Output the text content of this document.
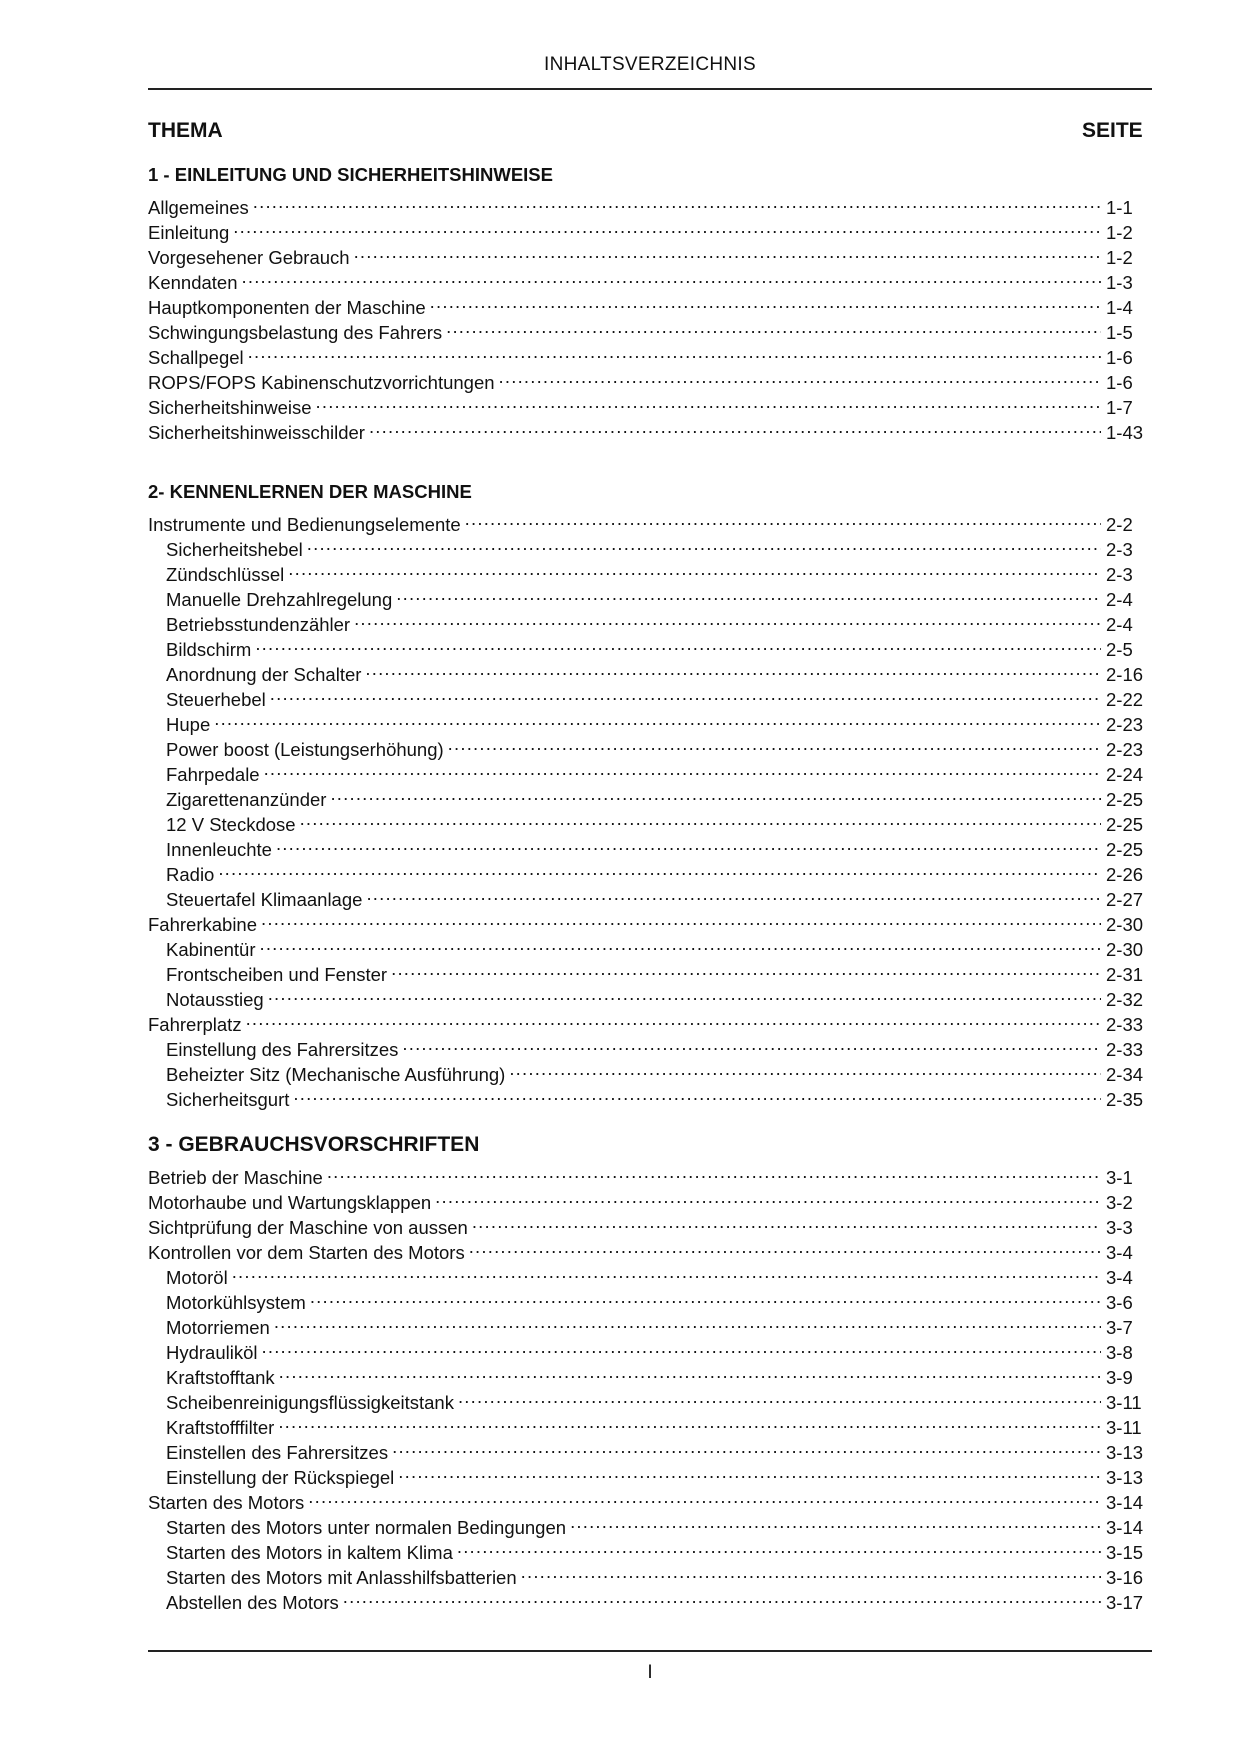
INHALTSVERZEICHNIS
THEMA	SEITE
1 - EINLEITUNG UND SICHERHEITSHINWEISE
Allgemeines .....	1-1
Einleitung .....	1-2
Vorgesehener Gebrauch .....	1-2
Kenndaten .....	1-3
Hauptkomponenten der Maschine .....	1-4
Schwingungsbelastung des Fahrers .....	1-5
Schallpegel .....	1-6
ROPS/FOPS Kabinenschutzvorrichtungen .....	1-6
Sicherheitshinweise .....	1-7
Sicherheitshinweisschilder .....	1-43
2- KENNENLERNEN DER MASCHINE
Instrumente und Bedienungselemente .....	2-2
Sicherheitshebel .....	2-3
Zündschlüssel .....	2-3
Manuelle Drehzahlregelung .....	2-4
Betriebsstundenzähler .....	2-4
Bildschirm .....	2-5
Anordnung der Schalter .....	2-16
Steuerhebel .....	2-22
Hupe .....	2-23
Power boost (Leistungserhöhung) .....	2-23
Fahrpedale .....	2-24
Zigarettenanzünder .....	2-25
12 V Steckdose .....	2-25
Innenleuchte .....	2-25
Radio .....	2-26
Steuertafel Klimaanlage .....	2-27
Fahrerkabine .....	2-30
Kabinentür .....	2-30
Frontscheiben und Fenster .....	2-31
Notausstieg .....	2-32
Fahrerplatz .....	2-33
Einstellung des Fahrersitzes .....	2-33
Beheizter Sitz (Mechanische Ausführung) .....	2-34
Sicherheitsgurt .....	2-35
3 - GEBRAUCHSVORSCHRIFTEN
Betrieb der Maschine .....	3-1
Motorhaube und Wartungsklappen .....	3-2
Sichtprüfung der Maschine von aussen .....	3-3
Kontrollen vor dem Starten des Motors .....	3-4
Motoröl .....	3-4
Motorkühlsystem .....	3-6
Motorriemen .....	3-7
Hydrauliköl .....	3-8
Kraftstofftank .....	3-9
Scheibenreinigungsflüssigkeitstank .....	3-11
Kraftstofffilter .....	3-11
Einstellen des Fahrersitzes .....	3-13
Einstellung der Rückspiegel .....	3-13
Starten des Motors .....	3-14
Starten des Motors unter normalen Bedingungen .....	3-14
Starten des Motors in kaltem Klima .....	3-15
Starten des Motors mit Anlasshilfsbatterien .....	3-16
Abstellen des Motors .....	3-17
I
